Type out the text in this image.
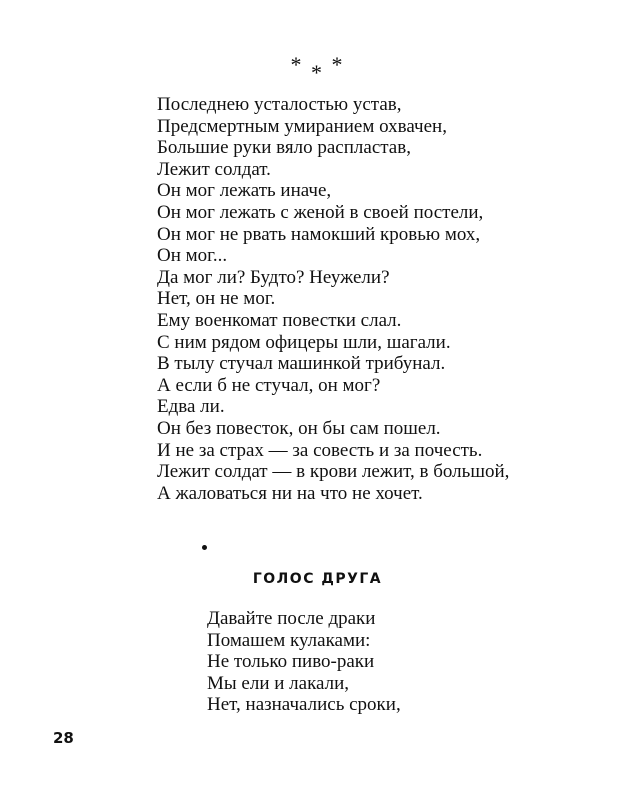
* * *
Последнею усталостью устав,
Предсмертным умиранием охвачен,
Большие руки вяло распластав,
Лежит солдат.
Он мог лежать иначе,
Он мог лежать с женой в своей постели,
Он мог не рвать намокший кровью мох,
Он мог...
Да мог ли? Будто? Неужели?
Нет, он не мог.
Ему военкомат повестки слал.
С ним рядом офицеры шли, шагали.
В тылу стучал машинкой трибунал.
А если б не стучал, он мог?
Едва ли.
Он без повесток, он бы сам пошел.
И не за страх — за совесть и за почесть.
Лежит солдат — в крови лежит, в большой,
А жаловаться ни на что не хочет.
ГОЛОС ДРУГА
Давайте после драки
Помашем кулаками:
Не только пиво-раки
Мы ели и лакали,
Нет, назначались сроки,
28
